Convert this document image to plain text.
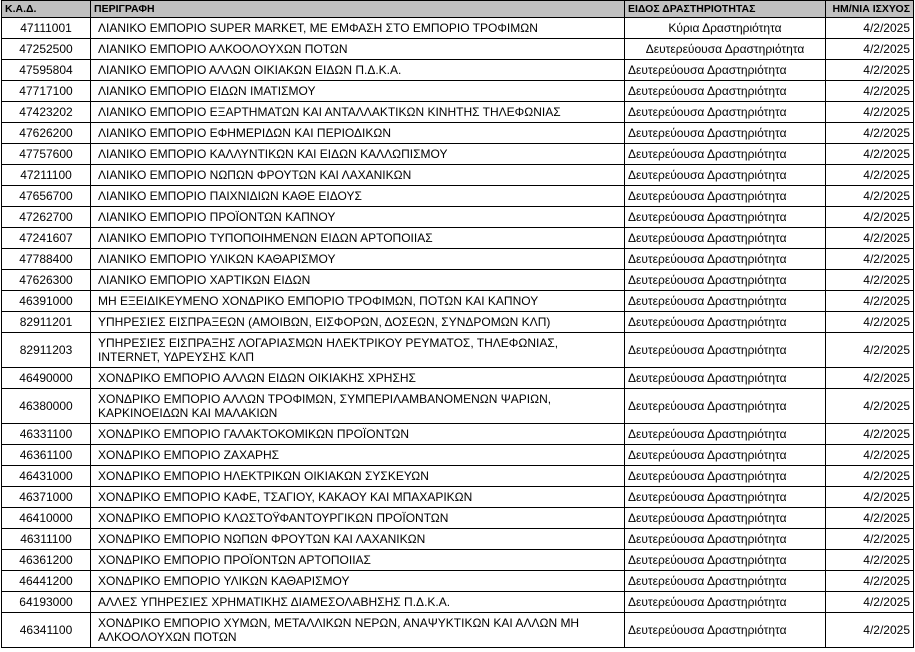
Κ.Α.Δ.	ΠΕΡΙΓΡΑΦΗ	ΕΙΔΟΣ ΔΡΑΣΤΗΡΙΟΤΗΤΑΣ	ΗΜ/ΝΙΑ ΙΣΧΥΟΣ
47111001	ΛΙΑΝΙΚΟ ΕΜΠΟΡΙΟ SUPER MARKET, ΜΕ ΕΜΦΑΣΗ ΣΤΟ ΕΜΠΟΡΙΟ ΤΡΟΦΙΜΩΝ	Κύρια Δραστηριότητα	4/2/2025
47252500	ΛΙΑΝΙΚΟ ΕΜΠΟΡΙΟ ΑΛΚΟΟΛΟΥΧΩΝ ΠΟΤΩΝ	Δευτερεύουσα Δραστηριότητα	4/2/2025
47595804	ΛΙΑΝΙΚΟ ΕΜΠΟΡΙΟ ΑΛΛΩΝ ΟΙΚΙΑΚΩΝ ΕΙΔΩΝ Π.Δ.Κ.Α.	Δευτερεύουσα Δραστηριότητα	4/2/2025
47717100	ΛΙΑΝΙΚΟ ΕΜΠΟΡΙΟ ΕΙΔΩΝ ΙΜΑΤΙΣΜΟΥ	Δευτερεύουσα Δραστηριότητα	4/2/2025
47423202	ΛΙΑΝΙΚΟ ΕΜΠΟΡΙΟ ΕΞΑΡΤΗΜΑΤΩΝ ΚΑΙ ΑΝΤΑΛΛΑΚΤΙΚΩΝ ΚΙΝΗΤΗΣ ΤΗΛΕΦΩΝΙΑΣ	Δευτερεύουσα Δραστηριότητα	4/2/2025
47626200	ΛΙΑΝΙΚΟ ΕΜΠΟΡΙΟ ΕΦΗΜΕΡΙΔΩΝ ΚΑΙ ΠΕΡΙΟΔΙΚΩΝ	Δευτερεύουσα Δραστηριότητα	4/2/2025
47757600	ΛΙΑΝΙΚΟ ΕΜΠΟΡΙΟ ΚΑΛΛΥΝΤΙΚΩΝ ΚΑΙ ΕΙΔΩΝ ΚΑΛΛΩΠΙΣΜΟΥ	Δευτερεύουσα Δραστηριότητα	4/2/2025
47211100	ΛΙΑΝΙΚΟ ΕΜΠΟΡΙΟ ΝΩΠΩΝ ΦΡΟΥΤΩΝ ΚΑΙ ΛΑΧΑΝΙΚΩΝ	Δευτερεύουσα Δραστηριότητα	4/2/2025
47656700	ΛΙΑΝΙΚΟ ΕΜΠΟΡΙΟ ΠΑΙΧΝΙΔΙΩΝ ΚΑΘΕ ΕΙΔΟΥΣ	Δευτερεύουσα Δραστηριότητα	4/2/2025
47262700	ΛΙΑΝΙΚΟ ΕΜΠΟΡΙΟ ΠΡΟΪΟΝΤΩΝ ΚΑΠΝΟΥ	Δευτερεύουσα Δραστηριότητα	4/2/2025
47241607	ΛΙΑΝΙΚΟ ΕΜΠΟΡΙΟ ΤΥΠΟΠΟΙΗΜΕΝΩΝ ΕΙΔΩΝ ΑΡΤΟΠΟΙΙΑΣ	Δευτερεύουσα Δραστηριότητα	4/2/2025
47788400	ΛΙΑΝΙΚΟ ΕΜΠΟΡΙΟ ΥΛΙΚΩΝ ΚΑΘΑΡΙΣΜΟΥ	Δευτερεύουσα Δραστηριότητα	4/2/2025
47626300	ΛΙΑΝΙΚΟ ΕΜΠΟΡΙΟ ΧΑΡΤΙΚΩΝ ΕΙΔΩΝ	Δευτερεύουσα Δραστηριότητα	4/2/2025
46391000	ΜΗ ΕΞΕΙΔΙΚΕΥΜΕΝΟ ΧΟΝΔΡΙΚΟ ΕΜΠΟΡΙΟ ΤΡΟΦΙΜΩΝ, ΠΟΤΩΝ ΚΑΙ ΚΑΠΝΟΥ	Δευτερεύουσα Δραστηριότητα	4/2/2025
82911201	ΥΠΗΡΕΣΙΕΣ ΕΙΣΠΡΑΞΕΩΝ (ΑΜΟΙΒΩΝ, ΕΙΣΦΟΡΩΝ, ΔΟΣΕΩΝ, ΣΥΝΔΡΟΜΩΝ ΚΛΠ)	Δευτερεύουσα Δραστηριότητα	4/2/2025
82911203	ΥΠΗΡΕΣΙΕΣ ΕΙΣΠΡΑΞΗΣ ΛΟΓΑΡΙΑΣΜΩΝ ΗΛΕΚΤΡΙΚΟΥ ΡΕΥΜΑΤΟΣ, ΤΗΛΕΦΩΝΙΑΣ, INTERNET, ΥΔΡΕΥΣΗΣ ΚΛΠ	Δευτερεύουσα Δραστηριότητα	4/2/2025
46490000	ΧΟΝΔΡΙΚΟ ΕΜΠΟΡΙΟ ΑΛΛΩΝ ΕΙΔΩΝ ΟΙΚΙΑΚΗΣ ΧΡΗΣΗΣ	Δευτερεύουσα Δραστηριότητα	4/2/2025
46380000	ΧΟΝΔΡΙΚΟ ΕΜΠΟΡΙΟ ΑΛΛΩΝ ΤΡΟΦΙΜΩΝ, ΣΥΜΠΕΡΙΛΑΜΒΑΝΟΜΕΝΩΝ ΨΑΡΙΩΝ, ΚΑΡΚΙΝΟΕΙΔΩΝ ΚΑΙ ΜΑΛΑΚΙΩΝ	Δευτερεύουσα Δραστηριότητα	4/2/2025
46331100	ΧΟΝΔΡΙΚΟ ΕΜΠΟΡΙΟ ΓΑΛΑΚΤΟΚΟΜΙΚΩΝ ΠΡΟΪΟΝΤΩΝ	Δευτερεύουσα Δραστηριότητα	4/2/2025
46361100	ΧΟΝΔΡΙΚΟ ΕΜΠΟΡΙΟ ΖΑΧΑΡΗΣ	Δευτερεύουσα Δραστηριότητα	4/2/2025
46431000	ΧΟΝΔΡΙΚΟ ΕΜΠΟΡΙΟ ΗΛΕΚΤΡΙΚΩΝ ΟΙΚΙΑΚΩΝ ΣΥΣΚΕΥΩΝ	Δευτερεύουσα Δραστηριότητα	4/2/2025
46371000	ΧΟΝΔΡΙΚΟ ΕΜΠΟΡΙΟ ΚΑΦΕ, ΤΣΑΓΙΟΥ, ΚΑΚΑΟΥ ΚΑΙ ΜΠΑΧΑΡΙΚΩΝ	Δευτερεύουσα Δραστηριότητα	4/2/2025
46410000	ΧΟΝΔΡΙΚΟ ΕΜΠΟΡΙΟ ΚΛΩΣΤΟΫΦΑΝΤΟΥΡΓΙΚΩΝ ΠΡΟΪΟΝΤΩΝ	Δευτερεύουσα Δραστηριότητα	4/2/2025
46311100	ΧΟΝΔΡΙΚΟ ΕΜΠΟΡΙΟ ΝΩΠΩΝ ΦΡΟΥΤΩΝ ΚΑΙ ΛΑΧΑΝΙΚΩΝ	Δευτερεύουσα Δραστηριότητα	4/2/2025
46361200	ΧΟΝΔΡΙΚΟ ΕΜΠΟΡΙΟ ΠΡΟΪΟΝΤΩΝ ΑΡΤΟΠΟΙΙΑΣ	Δευτερεύουσα Δραστηριότητα	4/2/2025
46441200	ΧΟΝΔΡΙΚΟ ΕΜΠΟΡΙΟ ΥΛΙΚΩΝ ΚΑΘΑΡΙΣΜΟΥ	Δευτερεύουσα Δραστηριότητα	4/2/2025
64193000	ΑΛΛΕΣ ΥΠΗΡΕΣΙΕΣ ΧΡΗΜΑΤΙΚΗΣ ΔΙΑΜΕΣΟΛΑΒΗΣΗΣ Π.Δ.Κ.Α.	Δευτερεύουσα Δραστηριότητα	4/2/2025
46341100	ΧΟΝΔΡΙΚΟ ΕΜΠΟΡΙΟ ΧΥΜΩΝ, ΜΕΤΑΛΛΙΚΩΝ ΝΕΡΩΝ, ΑΝΑΨΥΚΤΙΚΩΝ ΚΑΙ ΑΛΛΩΝ ΜΗ ΑΛΚΟΟΛΟΥΧΩΝ ΠΟΤΩΝ	Δευτερεύουσα Δραστηριότητα	4/2/2025
